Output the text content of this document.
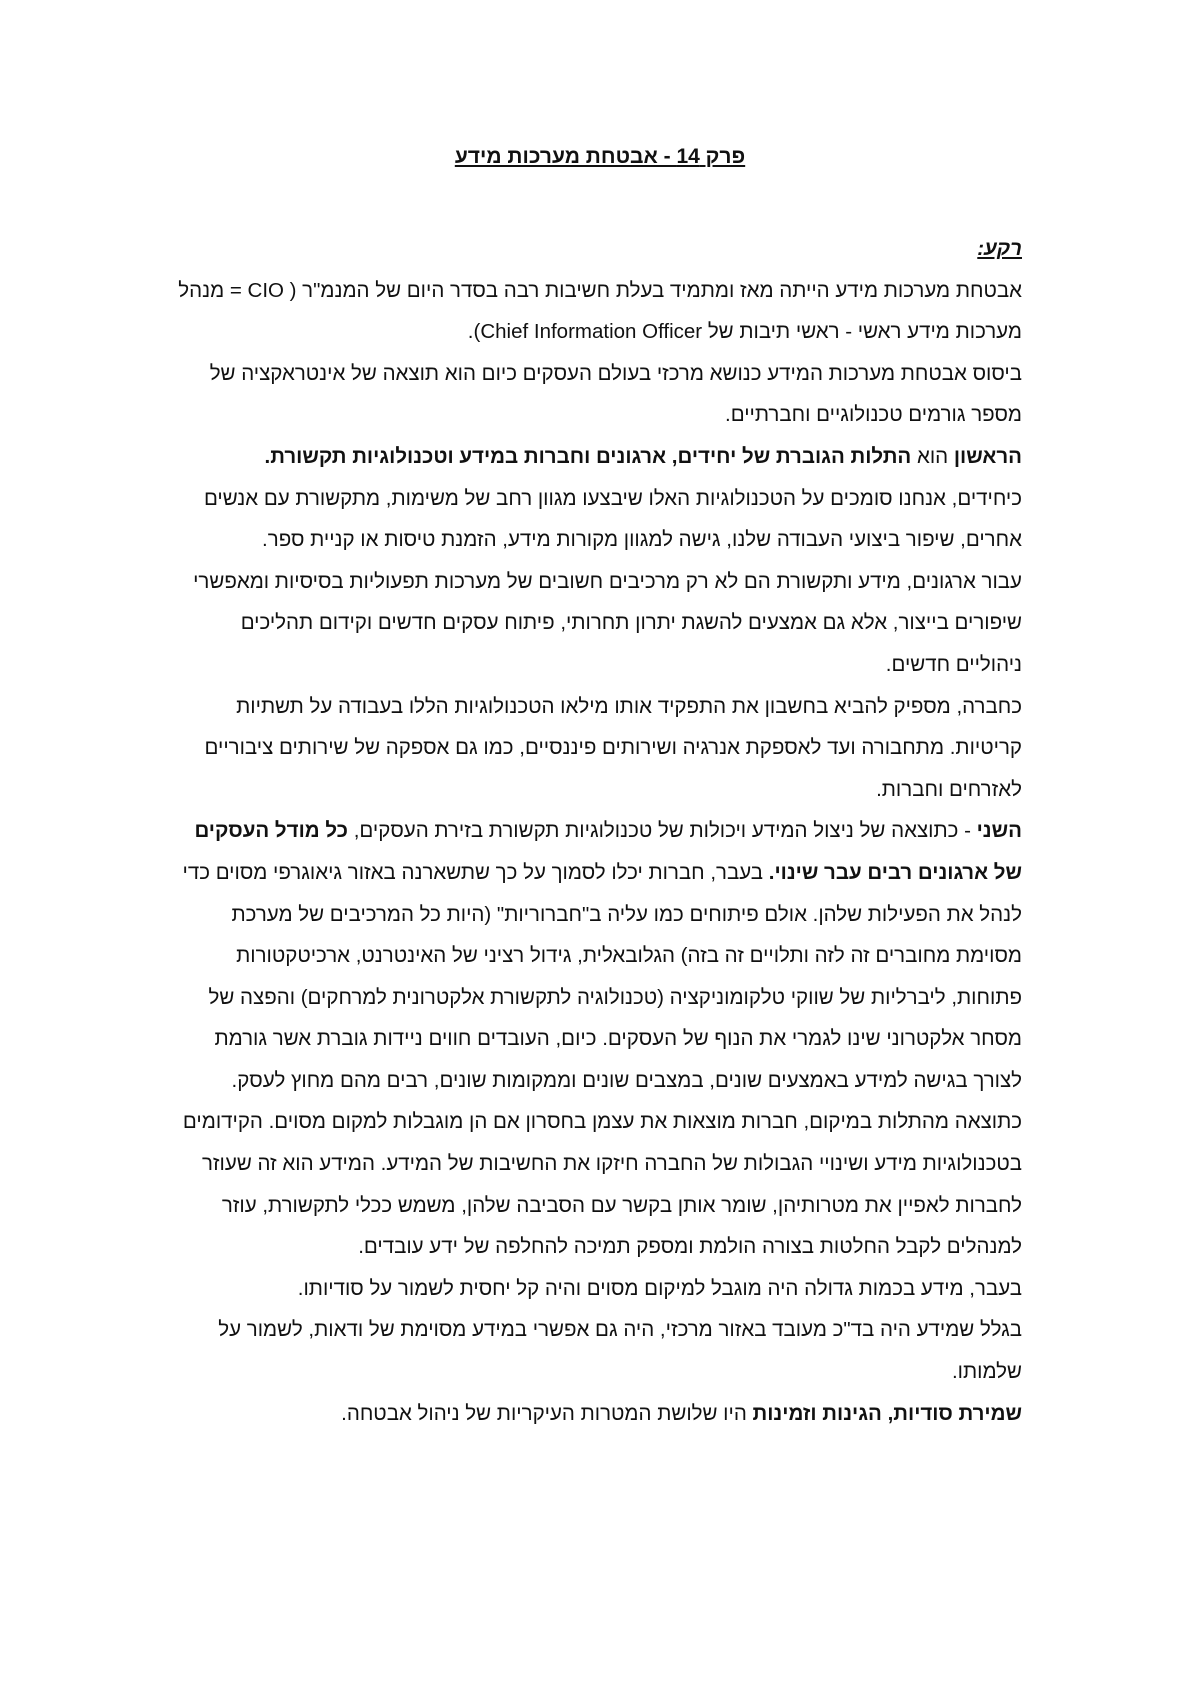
פרק 14 - אבטחת מערכות מידע

רקע:

אבטחת מערכות מידע הייתה מאז ומתמיד בעלת חשיבות רבה בסדר היום של המנמ"ר ( CIO = מנהל מערכות מידע ראשי - ראשי תיבות של Chief Information Officer).

ביסוס אבטחת מערכות המידע כנושא מרכזי בעולם העסקים כיום הוא תוצאה של אינטראקציה של מספר גורמים טכנולוגיים וחברתיים.

הראשון הוא התלות הגוברת של יחידים, ארגונים וחברות במידע וטכנולוגיות תקשורת.

כיחידים, אנחנו סומכים על הטכנולוגיות האלו שיבצעו מגוון רחב של משימות, מתקשורת עם אנשים אחרים, שיפור ביצועי העבודה שלנו, גישה למגוון מקורות מידע, הזמנת טיסות או קניית ספר.

עבור ארגונים, מידע ותקשורת הם לא רק מרכיבים חשובים של מערכות תפעוליות בסיסיות ומאפשרי שיפורים בייצור, אלא גם אמצעים להשגת יתרון תחרותי, פיתוח עסקים חדשים וקידום תהליכים ניהוליים חדשים.

כחברה, מספיק להביא בחשבון את התפקיד אותו מילאו הטכנולוגיות הללו בעבודה על תשתיות קריטיות. מתחבורה ועד לאספקת אנרגיה ושירותים פיננסיים, כמו גם אספקה של שירותים ציבוריים לאזרחים וחברות.

השני - כתוצאה של ניצול המידע ויכולות של טכנולוגיות תקשורת בזירת העסקים, כל מודל העסקים של ארגונים רבים עבר שינוי. בעבר, חברות יכלו לסמוך על כך שתשארנה באזור גיאוגרפי מסוים כדי לנהל את הפעילות שלהן. אולם פיתוחים כמו עליה ב"חברוריות" (היות כל המרכיבים של מערכת מסוימת מחוברים זה לזה ותלויים זה בזה) הגלובאלית, גידול רציני של האינטרנט, ארכיטקטורות פתוחות, ליברליות של שווקי טלקומוניקציה (טכנולוגיה לתקשורת אלקטרונית למרחקים) והפצה של מסחר אלקטרוני שינו לגמרי את הנוף של העסקים. כיום, העובדים חווים ניידות גוברת אשר גורמת לצורך בגישה למידע באמצעים שונים, במצבים שונים וממקומות שונים, רבים מהם מחוץ לעסק. כתוצאה מהתלות במיקום, חברות מוצאות את עצמן בחסרון אם הן מוגבלות למקום מסוים. הקידומים בטכנולוגיות מידע ושינויי הגבולות של החברה חיזקו את החשיבות של המידע. המידע הוא זה שעוזר לחברות לאפיין את מטרותיהן, שומר אותן בקשר עם הסביבה שלהן, משמש ככלי לתקשורת, עוזר למנהלים לקבל החלטות בצורה הולמת ומספק תמיכה להחלפה של ידע עובדים.

בעבר, מידע בכמות גדולה היה מוגבל למיקום מסוים והיה קל יחסית לשמור על סודיותו.

בגלל שמידע היה בד"כ מעובד באזור מרכזי, היה גם אפשרי במידע מסוימת של ודאות, לשמור על שלמותו.

שמירת סודיות, הגינות וזמינות היו שלושת המטרות העיקריות של ניהול אבטחה.
